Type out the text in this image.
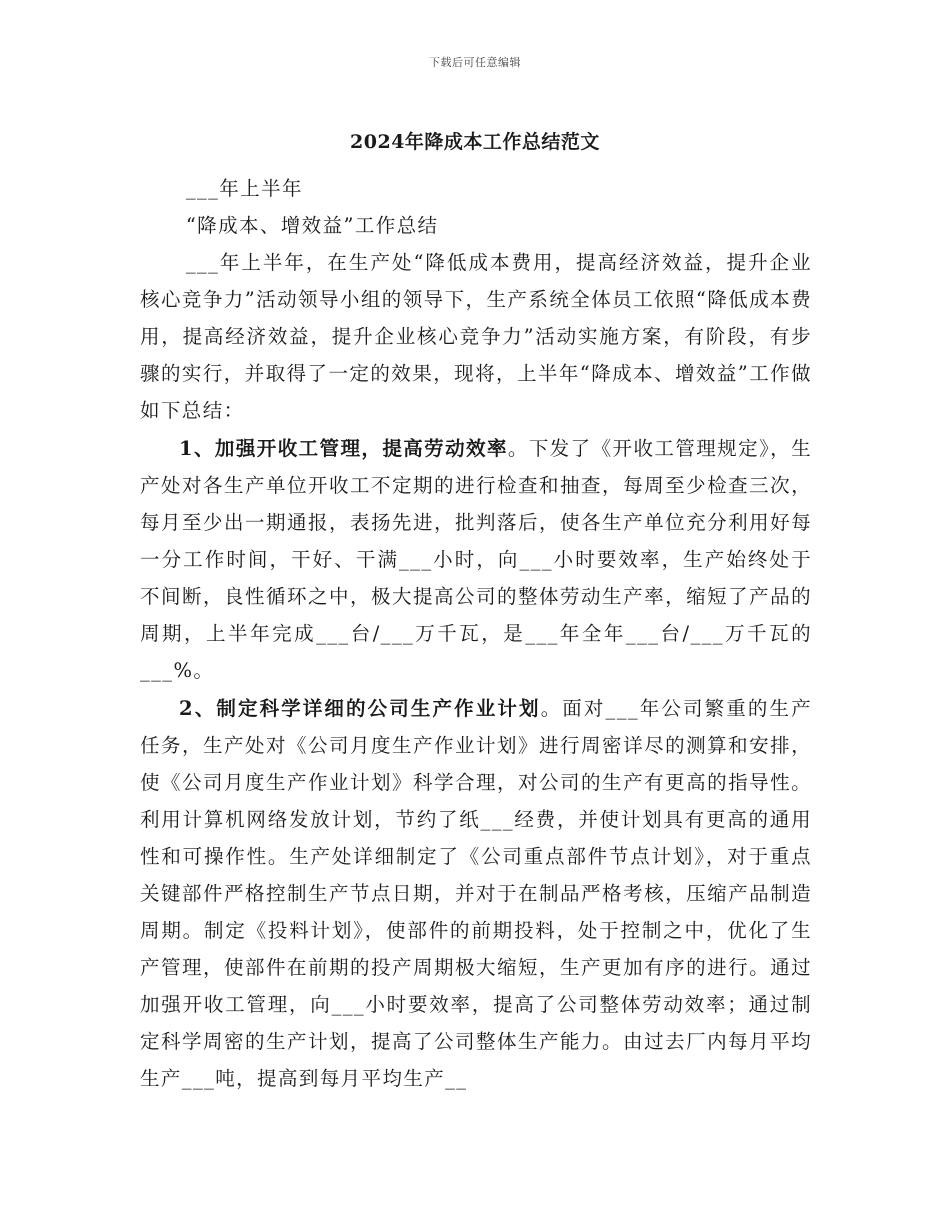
下载后可任意编辑
2024年降成本工作总结范文

___年上半年

“降成本、增效益”工作总结

___年上半年，在生产处“降低成本费用，提高经济效益，提升企业核心竞争力”活动领导小组的领导下，生产系统全体员工依照“降低成本费用，提高经济效益，提升企业核心竞争力”活动实施方案，有阶段，有步骤的实行，并取得了一定的效果，现将，上半年“降成本、增效益”工作做如下总结：

1、加强开收工管理，提高劳动效率。下发了《开收工管理规定》，生产处对各生产单位开收工不定期的进行检查和抽查，每周至少检查三次，每月至少出一期通报，表扬先进，批判落后，使各生产单位充分利用好每一分工作时间，干好、干满___小时，向___小时要效率，生产始终处于不间断，良性循环之中，极大提高公司的整体劳动生产率，缩短了产品的周期，上半年完成___台/___万千瓦，是___年全年___台/___万千瓦的___%。

2、制定科学详细的公司生产作业计划。面对___年公司繁重的生产任务，生产处对《公司月度生产作业计划》进行周密详尽的测算和安排，使《公司月度生产作业计划》科学合理，对公司的生产有更高的指导性。利用计算机网络发放计划，节约了纸___经费，并使计划具有更高的通用性和可操作性。生产处详细制定了《公司重点部件节点计划》，对于重点关键部件严格控制生产节点日期，并对于在制品严格考核，压缩产品制造周期。制定《投料计划》，使部件的前期投料，处于控制之中，优化了生产管理，使部件在前期的投产周期极大缩短，生产更加有序的进行。通过加强开收工管理，向___小时要效率，提高了公司整体劳动效率；通过制定科学周密的生产计划，提高了公司整体生产能力。由过去厂内每月平均生产___吨，提高到每月平均生产__
